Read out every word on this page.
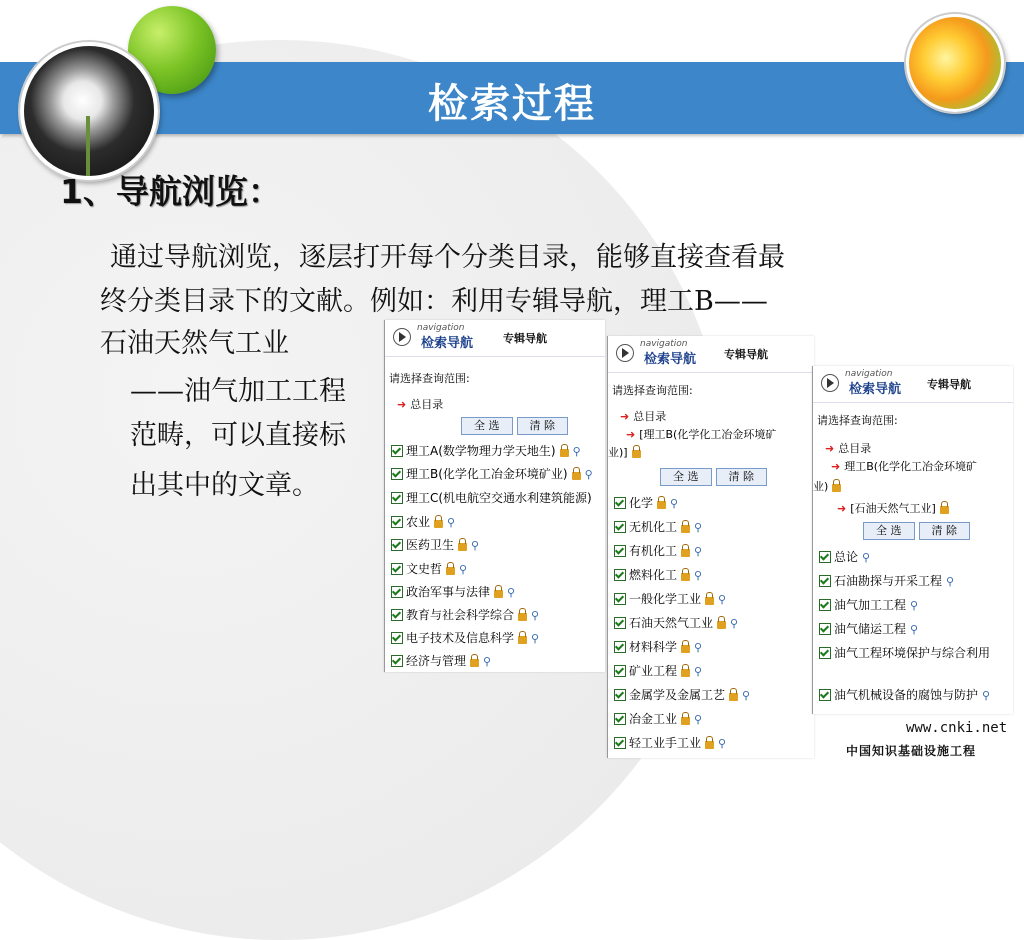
检索过程
1、导航浏览：
通过导航浏览，逐层打开每个分类目录，能够直接查看最
终分类目录下的文献。例如：利用专辑导航，理工B——
石油天然气工业
——油气加工工程
范畴，可以直接标
出其中的文章。
navigation
检索导航	专辑导航
请选择查询范围:
➜ 总目录
全 选	清 除
理工A(数学物理力学天地生) ⚲
理工B(化学化工冶金环境矿业) ⚲
理工C(机电航空交通水利建筑能源)
农业 ⚲
医药卫生 ⚲
文史哲 ⚲
政治军事与法律 ⚲
教育与社会科学综合 ⚲
电子技术及信息科学 ⚲
经济与管理 ⚲
navigation
检索导航	专辑导航
请选择查询范围:
➜ 总目录
➜ [理工B(化学化工冶金环境矿
业)]
全 选	清 除
化学 ⚲
无机化工 ⚲
有机化工 ⚲
燃料化工 ⚲
一般化学工业 ⚲
石油天然气工业 ⚲
材料科学 ⚲
矿业工程 ⚲
金属学及金属工艺 ⚲
冶金工业 ⚲
轻工业手工业 ⚲
navigation
检索导航 专辑导航
请选择查询范围:
➜ 总目录
➜ 理工B(化学化工冶金环境矿
业)
➜ [石油天然气工业]
全 选	清 除
总论 ⚲
石油勘探与开采工程 ⚲
油气加工工程 ⚲
油气储运工程 ⚲
油气工程环境保护与综合利用
油气机械设备的腐蚀与防护 ⚲
www.cnki.net
中国知识基础设施工程
